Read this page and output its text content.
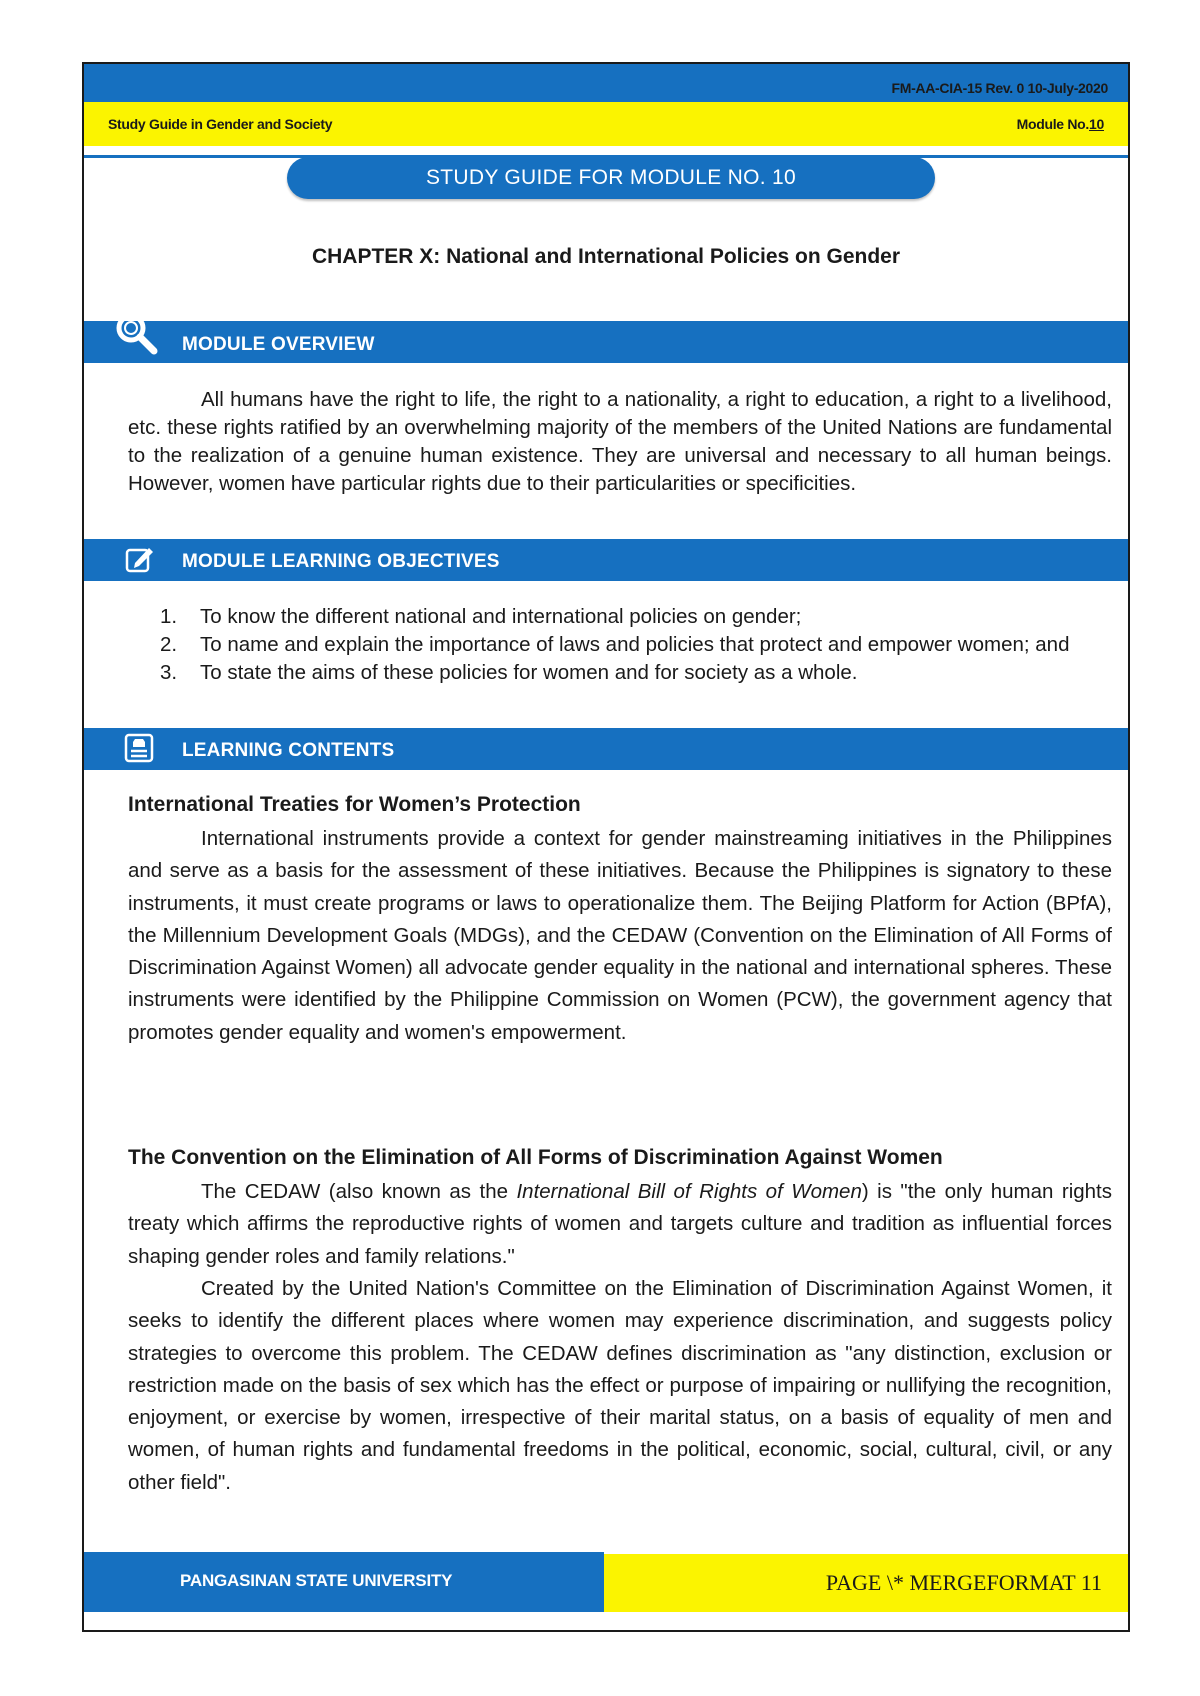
FM-AA-CIA-15 Rev. 0 10-July-2020
Study Guide in Gender and Society	Module No.10
STUDY GUIDE FOR MODULE NO. 10
CHAPTER X: National and International Policies on Gender
MODULE OVERVIEW
All humans have the right to life, the right to a nationality, a right to education, a right to a livelihood, etc. these rights ratified by an overwhelming majority of the members of the United Nations are fundamental to the realization of a genuine human existence. They are universal and necessary to all human beings. However, women have particular rights due to their particularities or specificities.
MODULE LEARNING OBJECTIVES
1.	To know the different national and international policies on gender;
2.	To name and explain the importance of laws and policies that protect and empower women; and
3.	To state the aims of these policies for women and for society as a whole.
LEARNING CONTENTS
International Treaties for Women’s Protection
International instruments provide a context for gender mainstreaming initiatives in the Philippines and serve as a basis for the assessment of these initiatives. Because the Philippines is signatory to these instruments, it must create programs or laws to operationalize them. The Beijing Platform for Action (BPfA), the Millennium Development Goals (MDGs), and the CEDAW (Convention on the Elimination of All Forms of Discrimination Against Women) all advocate gender equality in the national and international spheres. These instruments were identified by the Philippine Commission on Women (PCW), the government agency that promotes gender equality and women's empowerment.
The Convention on the Elimination of All Forms of Discrimination Against Women
The CEDAW (also known as the International Bill of Rights of Women) is "the only human rights treaty which affirms the reproductive rights of women and targets culture and tradition as influential forces shaping gender roles and family relations."
Created by the United Nation's Committee on the Elimination of Discrimination Against Women, it seeks to identify the different places where women may experience discrimination, and suggests policy strategies to overcome this problem. The CEDAW defines discrimination as "any distinction, exclusion or restriction made on the basis of sex which has the effect or purpose of impairing or nullifying the recognition, enjoyment, or exercise by women, irrespective of their marital status, on a basis of equality of men and women, of human rights and fundamental freedoms in the political, economic, social, cultural, civil, or any other field".
PANGASINAN STATE UNIVERSITY	PAGE \* MERGEFORMAT 11
